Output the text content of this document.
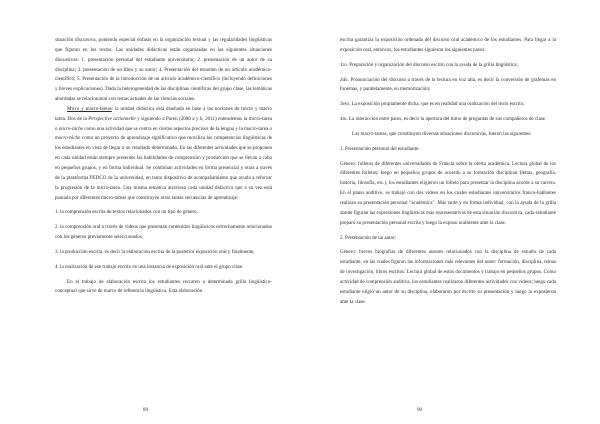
situación discursiva, poniendo especial énfasis en la organización textual y las regularidades lingüísticas que figuran en los textos. Las unidades didácticas están organizadas en las siguientes situaciones discursivas: 1. presentación personal del estudiante universitario; 2. presentación de un autor de su disciplina; 3. presentación de un libro y su autor; 4. Presentación del resumen de un artículo académico-científico; 5. Presentación de la introducción de un artículo académico-científico (incluyendo definiciones y breves explicaciones). Dada la heterogeneidad de las disciplinas científicas del grupo clase, las temáticas abordadas se relacionaron con temas actuales de las ciencias sociales.

Micro y macro-tareas: la unidad didáctica está diseñada en base a las nociones de micro y macro tarea. Dos de la Perspective actionnelle y siguiendo a Puren (2006 a y b, 2011) entendemos la micro-tarea o micro-tâche como una actividad que se centra en ciertos aspectos precisos de la lengua y la macro-tarea o macro-tâche como un proyecto de aprendizaje significativo que moviliza las competencias lingüísticas de los estudiantes en vista de llegar a un resultado determinado. En las diferentes actividades que se proponen en cada unidad están siempre presentes las habilidades de comprensión y producción que se llevan a cabo en pequeños grupos, y en forma individual. Se combinan actividades en forma presencial y otras a través de la plataforma PEDCO de la universidad, en tanto dispositivo de acompañamiento que ayuda a reforzar la progresión de la micro-tarea. Una misma temática atraviesa cada unidad didáctica que a su vez está pautada por diferentes micro-tareas que constituyen otras tantas secuencias de aprendizaje:

1. la comprensión escrita de textos relacionados con un tipo de género,

2. la comprensión oral a través de videos que presentan contenidos lingüísticos estrechamente relacionados con los géneros previamente seleccionados,

3. la producción escrita, es decir la elaboración escrita de la posterior exposición oral y finalmente,

4. la oralización de ese trabajo escrito en una instancia de exposición oral ante el grupo clase.

En el trabajo de elaboración escrita los estudiantes recurren a determinada grilla lingüístico-conceptual que sirve de marco de referencia lingüística. Esta elaboración

89

escrita garantiza la exposición ordenada del discurso oral académico de los estudiantes. Para llegar a la exposición oral, entonces, los estudiantes siguieron los siguientes pasos:

1ro. Preparación y organización del discurso escrito con la ayuda de la grilla lingüística;

2do. Pronunciación del discurso a través de la lectura en voz alta, es decir la conversión de grafemas en fonemas, y paralelamente, su memorización;

3ero. La exposición propiamente dicha, que es en realidad una oralización del texto escrito;

4to. La interacción entre pares, es decir la apertura del turno de preguntas de sus compañeros de clase.

Las macro-tareas, que constituyen diversas situaciones discursivas, fueron las siguientes:

1. Presentación personal del estudiante:

Género: folletos de diferentes universidades de Francia sobre la oferta académica. Lectura global de los diferentes folletos; luego en pequeños grupos de acuerdo a su formación disciplinar (letras, geografía, historia, filosofía, etc.), los estudiantes eligieron un folleto para presentar la disciplina acorde a su carrera. En el plano auditivo, se trabajó con dos videos en los cuales estudiantes universitarios franco-hablantes realizan su presentación personal "académica". Más tarde y en forma individual, con la ayuda de la grilla donde figuran las expresiones lingüísticas más representativas de esta situación discursiva, cada estudiante preparó su presentación personal escrita y luego la expuso oralmente ante la clase.

2. Presentación de un autor:

Género: breves biografías de diferentes autores relacionados con la disciplina de estudio de cada estudiante, en las cuales figuran las informaciones más relevantes del autor: formación, disciplina, temas de investigación, libros escritos. Lectura global de estos documentos y trabajo en pequeños grupos. Como actividad de comprensión auditiva, los estudiantes realizaron diferentes actividades con videos; luego cada estudiante eligió un autor de su disciplina, elaboraron por escrito su presentación y luego la expusieron ante la clase.

90
